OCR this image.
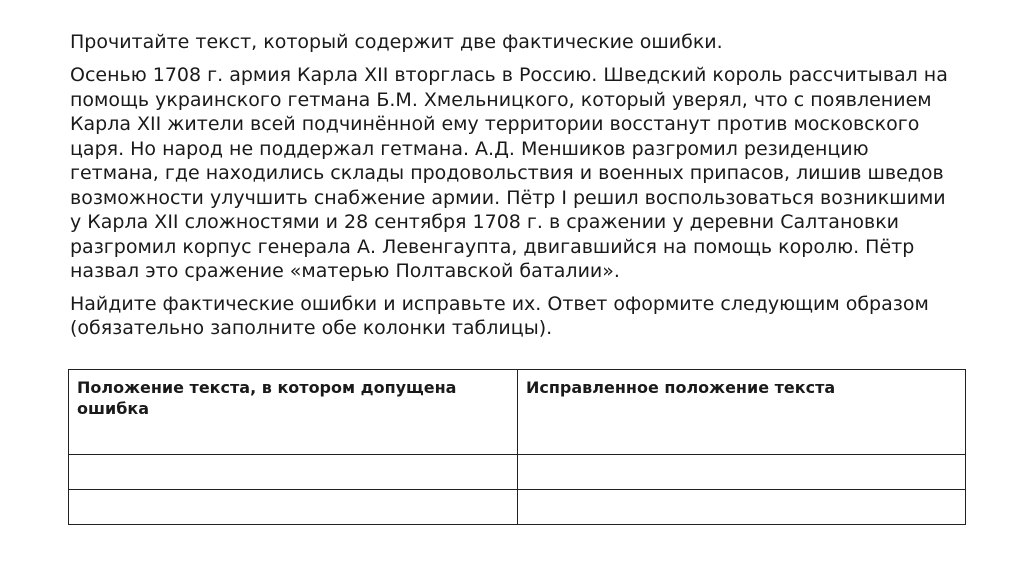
Прочитайте текст, который содержит две фактические ошибки.

Осенью 1708 г. армия Карла XII вторглась в Россию. Шведский король рассчитывал на
помощь украинского гетмана Б.М. Хмельницкого, который уверял, что с появлением
Карла XII жители всей подчинённой ему территории восстанут против московского
царя. Но народ не поддержал гетмана. А.Д. Меншиков разгромил резиденцию
гетмана, где находились склады продовольствия и военных припасов, лишив шведов
возможности улучшить снабжение армии. Пётр I решил воспользоваться возникшими
у Карла XII сложностями и 28 сентября 1708 г. в сражении у деревни Салтановки
разгромил корпус генерала А. Левенгаупта, двигавшийся на помощь королю. Пётр
назвал это сражение «матерью Полтавской баталии».

Найдите фактические ошибки и исправьте их. Ответ оформите следующим образом
(обязательно заполните обе колонки таблицы).

Положение текста, в котором допущена ошибка	Исправленное положение текста
